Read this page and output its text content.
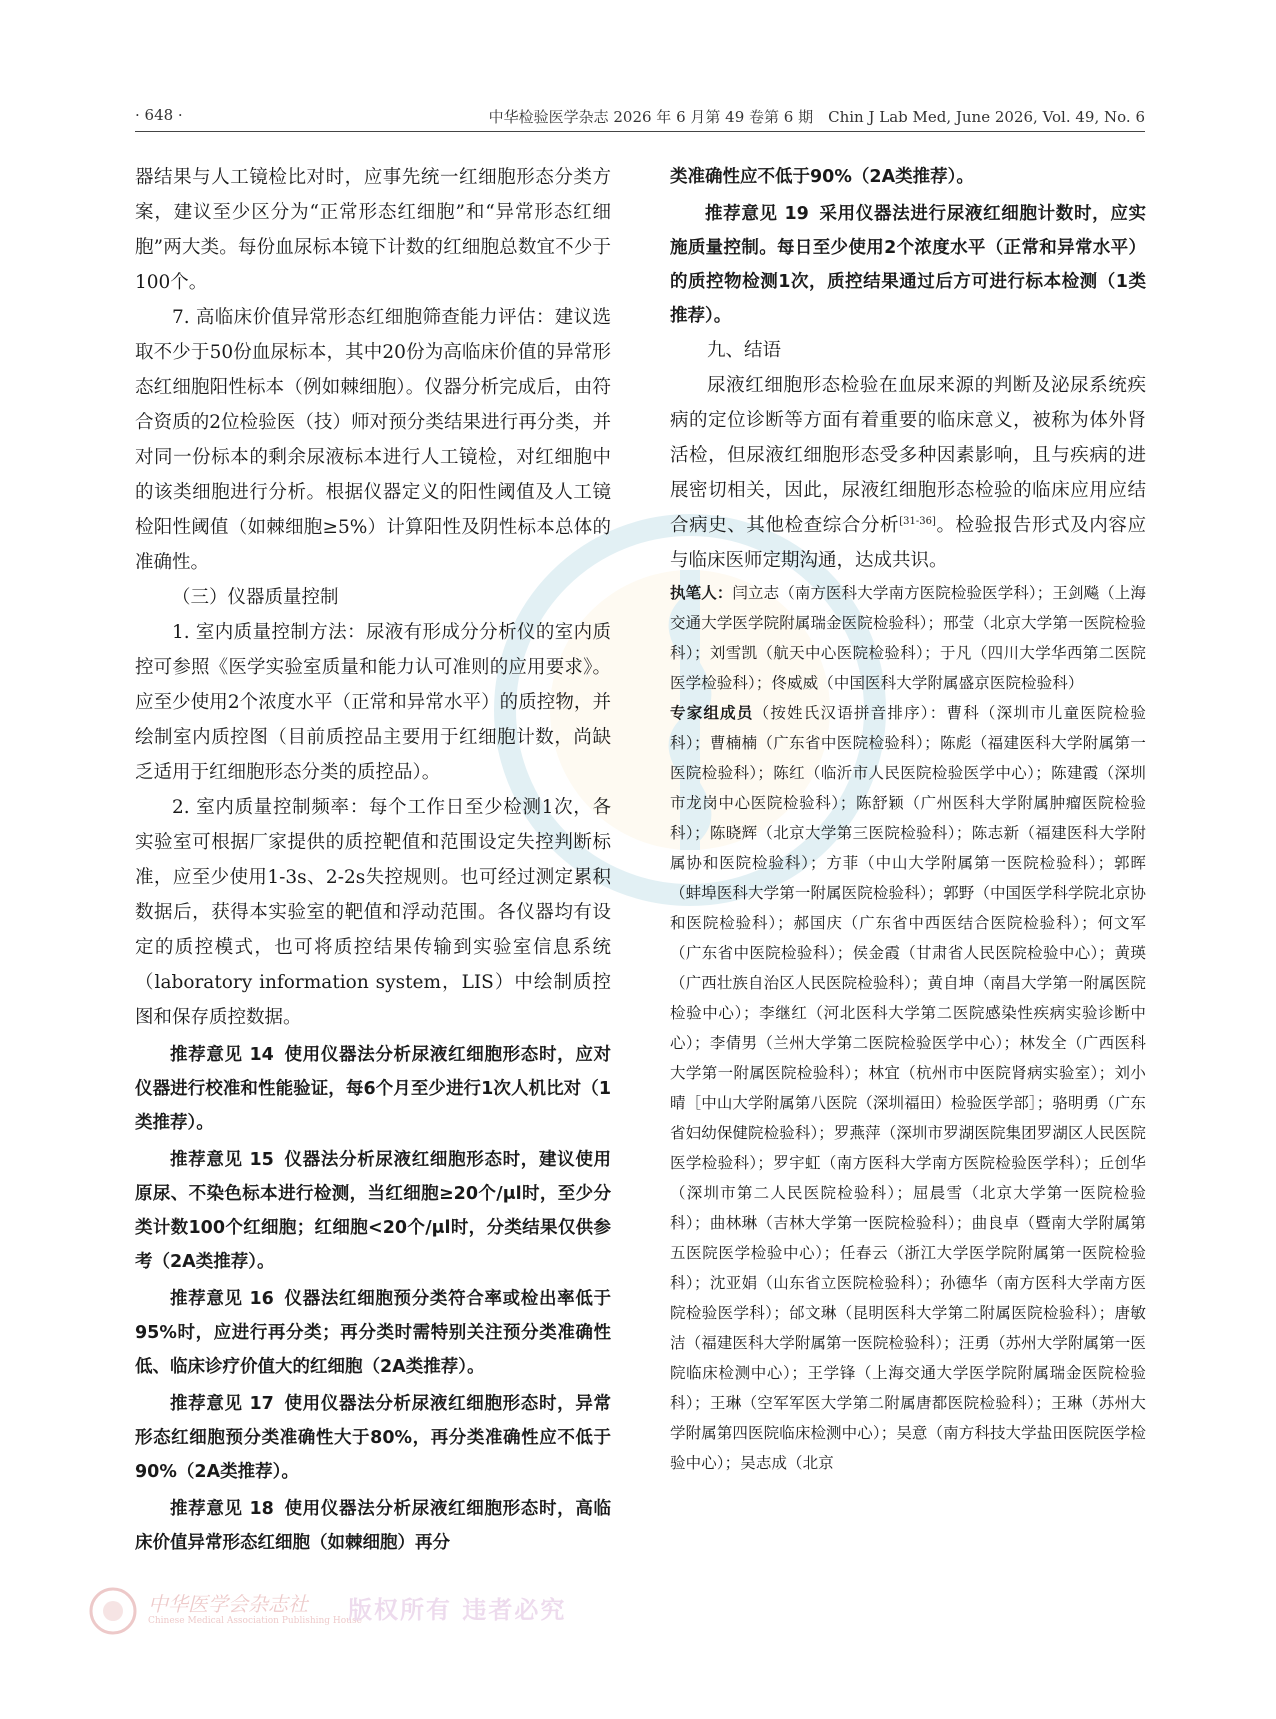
· 648 ·	中华检验医学杂志 2026 年 6 月第 49 卷第 6 期　Chin J Lab Med, June 2026, Vol. 49, No. 6

器结果与人工镜检比对时，应事先统一红细胞形态分类方案，建议至少区分为“正常形态红细胞”和“异常形态红细胞”两大类。每份血尿标本镜下计数的红细胞总数宜不少于100个。

7. 高临床价值异常形态红细胞筛查能力评估：建议选取不少于50份血尿标本，其中20份为高临床价值的异常形态红细胞阳性标本（例如棘细胞）。仪器分析完成后，由符合资质的2位检验医（技）师对预分类结果进行再分类，并对同一份标本的剩余尿液标本进行人工镜检，对红细胞中的该类细胞进行分析。根据仪器定义的阳性阈值及人工镜检阳性阈值（如棘细胞≥5%）计算阳性及阴性标本总体的准确性。

（三）仪器质量控制

1. 室内质量控制方法：尿液有形成分分析仪的室内质控可参照《医学实验室质量和能力认可准则的应用要求》。应至少使用2个浓度水平（正常和异常水平）的质控物，并绘制室内质控图（目前质控品主要用于红细胞计数，尚缺乏适用于红细胞形态分类的质控品）。

2. 室内质量控制频率：每个工作日至少检测1次，各实验室可根据厂家提供的质控靶值和范围设定失控判断标准，应至少使用1-3s、2-2s失控规则。也可经过测定累积数据后，获得本实验室的靶值和浮动范围。各仪器均有设定的质控模式，也可将质控结果传输到实验室信息系统（laboratory information system，LIS）中绘制质控图和保存质控数据。

推荐意见 14 使用仪器法分析尿液红细胞形态时，应对仪器进行校准和性能验证，每6个月至少进行1次人机比对（1类推荐）。

推荐意见 15 仪器法分析尿液红细胞形态时，建议使用原尿、不染色标本进行检测，当红细胞≥20个/μl时，至少分类计数100个红细胞；红细胞<20个/μl时，分类结果仅供参考（2A类推荐）。

推荐意见 16 仪器法红细胞预分类符合率或检出率低于95%时，应进行再分类；再分类时需特别关注预分类准确性低、临床诊疗价值大的红细胞（2A类推荐）。

推荐意见 17 使用仪器法分析尿液红细胞形态时，异常形态红细胞预分类准确性大于80%，再分类准确性应不低于90%（2A类推荐）。

推荐意见 18 使用仪器法分析尿液红细胞形态时，高临床价值异常形态红细胞（如棘细胞）再分

类准确性应不低于90%（2A类推荐）。

推荐意见 19 采用仪器法进行尿液红细胞计数时，应实施质量控制。每日至少使用2个浓度水平（正常和异常水平）的质控物检测1次，质控结果通过后方可进行标本检测（1类推荐）。

九、结语

尿液红细胞形态检验在血尿来源的判断及泌尿系统疾病的定位诊断等方面有着重要的临床意义，被称为体外肾活检，但尿液红细胞形态受多种因素影响，且与疾病的进展密切相关，因此，尿液红细胞形态检验的临床应用应结合病史、其他检查综合分析[31-36]。检验报告形式及内容应与临床医师定期沟通，达成共识。

执笔人：闫立志（南方医科大学南方医院检验医学科）；王剑飚（上海交通大学医学院附属瑞金医院检验科）；邢莹（北京大学第一医院检验科）；刘雪凯（航天中心医院检验科）；于凡（四川大学华西第二医院医学检验科）；佟威威（中国医科大学附属盛京医院检验科）

专家组成员（按姓氏汉语拼音排序）：曹科（深圳市儿童医院检验科）；曹楠楠（广东省中医院检验科）；陈彪（福建医科大学附属第一医院检验科）；陈红（临沂市人民医院检验医学中心）；陈建霞（深圳市龙岗中心医院检验科）；陈舒颖（广州医科大学附属肿瘤医院检验科）；陈晓辉（北京大学第三医院检验科）；陈志新（福建医科大学附属协和医院检验科）；方菲（中山大学附属第一医院检验科）；郭晖（蚌埠医科大学第一附属医院检验科）；郭野（中国医学科学院北京协和医院检验科）；郝国庆（广东省中西医结合医院检验科）；何文军（广东省中医院检验科）；侯金霞（甘肃省人民医院检验中心）；黄瑛（广西壮族自治区人民医院检验科）；黄自坤（南昌大学第一附属医院检验中心）；李继红（河北医科大学第二医院感染性疾病实验诊断中心）；李倩男（兰州大学第二医院检验医学中心）；林发全（广西医科大学第一附属医院检验科）；林宜（杭州市中医院肾病实验室）；刘小晴［中山大学附属第八医院（深圳福田）检验医学部］；骆明勇（广东省妇幼保健院检验科）；罗燕萍（深圳市罗湖医院集团罗湖区人民医院医学检验科）；罗宇虹（南方医科大学南方医院检验医学科）；丘创华（深圳市第二人民医院检验科）；屈晨雪（北京大学第一医院检验科）；曲林琳（吉林大学第一医院检验科）；曲良卓（暨南大学附属第五医院医学检验中心）；任春云（浙江大学医学院附属第一医院检验科）；沈亚娟（山东省立医院检验科）；孙德华（南方医科大学南方医院检验医学科）；邰文琳（昆明医科大学第二附属医院检验科）；唐敏洁（福建医科大学附属第一医院检验科）；汪勇（苏州大学附属第一医院临床检测中心）；王学锋（上海交通大学医学院附属瑞金医院检验科）；王琳（空军军医大学第二附属唐都医院检验科）；王琳（苏州大学附属第四医院临床检测中心）；吴意（南方科技大学盐田医院医学检验中心）；吴志成（北京

中华医学会杂志社
Chinese Medical Association Publishing House
版权所有 违者必究
